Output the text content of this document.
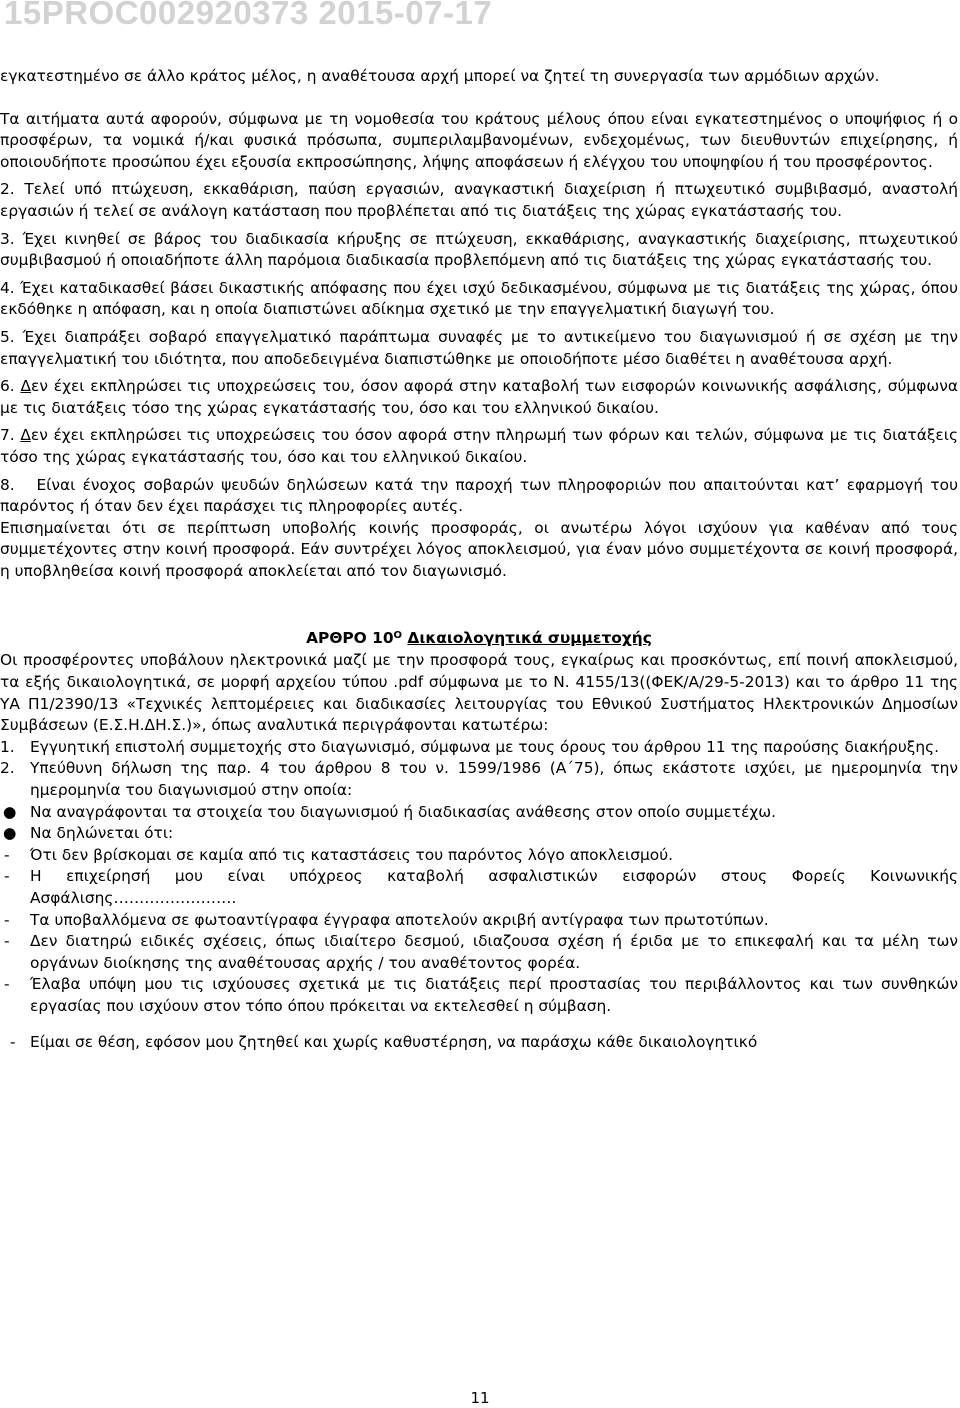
15PROC002920373 2015-07-17

εγκατεστημένο σε άλλο κράτος μέλος, η αναθέτουσα αρχή μπορεί να ζητεί τη συνεργασία των αρμόδιων αρχών.

Τα αιτήματα αυτά αφορούν, σύμφωνα με τη νομοθεσία του κράτους μέλους όπου είναι εγκατεστημένος ο υποψήφιος ή ο προσφέρων, τα νομικά ή/και φυσικά πρόσωπα, συμπεριλαμβανομένων, ενδεχομένως, των διευθυντών επιχείρησης, ή οποιουδήποτε προσώπου έχει εξουσία εκπροσώπησης, λήψης αποφάσεων ή ελέγχου του υποψηφίου ή του προσφέροντος.

2. Τελεί υπό πτώχευση, εκκαθάριση, παύση εργασιών, αναγκαστική διαχείριση ή πτωχευτικό συμβιβασμό, αναστολή εργασιών ή τελεί σε ανάλογη κατάσταση που προβλέπεται από τις διατάξεις της χώρας εγκατάστασής του.

3. Έχει κινηθεί σε βάρος του διαδικασία κήρυξης σε πτώχευση, εκκαθάρισης, αναγκαστικής διαχείρισης, πτωχευτικού συμβιβασμού ή οποιαδήποτε άλλη παρόμοια διαδικασία προβλεπόμενη από τις διατάξεις της χώρας εγκατάστασής του.

4. Έχει καταδικασθεί βάσει δικαστικής απόφασης που έχει ισχύ δεδικασμένου, σύμφωνα με τις διατάξεις της χώρας, όπου εκδόθηκε η απόφαση, και η οποία διαπιστώνει αδίκημα σχετικό με την επαγγελματική διαγωγή του.

5. Έχει διαπράξει σοβαρό επαγγελματικό παράπτωμα συναφές με το αντικείμενο του διαγωνισμού ή σε σχέση με την επαγγελματική του ιδιότητα, που αποδεδειγμένα διαπιστώθηκε με οποιοδήποτε μέσο διαθέτει η αναθέτουσα αρχή.

6. Δεν έχει εκπληρώσει τις υποχρεώσεις του, όσον αφορά στην καταβολή των εισφορών κοινωνικής ασφάλισης, σύμφωνα με τις διατάξεις τόσο της χώρας εγκατάστασής του, όσο και του ελληνικού δικαίου.

7. Δεν έχει εκπληρώσει τις υποχρεώσεις του όσον αφορά στην πληρωμή των φόρων και τελών, σύμφωνα με τις διατάξεις τόσο της χώρας εγκατάστασής του, όσο και του ελληνικού δικαίου.

8. Είναι ένοχος σοβαρών ψευδών δηλώσεων κατά την παροχή των πληροφοριών που απαιτούνται κατ’ εφαρμογή του παρόντος ή όταν δεν έχει παράσχει τις πληροφορίες αυτές.

Επισημαίνεται ότι σε περίπτωση υποβολής κοινής προσφοράς, οι ανωτέρω λόγοι ισχύουν για καθέναν από τους συμμετέχοντες στην κοινή προσφορά. Εάν συντρέχει λόγος αποκλεισμού, για έναν μόνο συμμετέχοντα σε κοινή προσφορά, η υποβληθείσα κοινή προσφορά αποκλείεται από τον διαγωνισμό.

ΑΡΘΡΟ $10^O$ Δικαιολογητικά συμμετοχής

Οι προσφέροντες υποβάλουν ηλεκτρονικά μαζί με την προσφορά τους, εγκαίρως και προσκόντως, επί ποινή αποκλεισμού, τα εξής δικαιολογητικά, σε μορφή αρχείου τύπου .pdf σύμφωνα με το Ν. 4155/13((ΦΕΚ/Α/29-5-2013) και το άρθρο 11 της ΥΑ Π1/2390/13 «Τεχνικές λεπτομέρειες και διαδικασίες λειτουργίας του Εθνικού Συστήματος Ηλεκτρονικών Δημοσίων Συμβάσεων (Ε.Σ.Η.ΔΗ.Σ.)», όπως αναλυτικά περιγράφονται κατωτέρω:

1. Εγγυητική επιστολή συμμετοχής στο διαγωνισμό, σύμφωνα με τους όρους του άρθρου 11 της παρούσης διακήρυξης.

2. Υπεύθυνη δήλωση της παρ. 4 του άρθρου 8 του ν. 1599/1986 (Α΄75), όπως εκάστοτε ισχύει, με ημερομηνία την ημερομηνία του διαγωνισμού στην οποία:

● Να αναγράφονται τα στοιχεία του διαγωνισμού ή διαδικασίας ανάθεσης στον οποίο συμμετέχω.

● Να δηλώνεται ότι:

- Ότι δεν βρίσκομαι σε καμία από τις καταστάσεις του παρόντος λόγο αποκλεισμού.

- Η επιχείρησή μου είναι υπόχρεος καταβολή ασφαλιστικών εισφορών στους Φορείς Κοινωνικής Ασφάλισης……………………

- Τα υποβαλλόμενα σε φωτοαντίγραφα έγγραφα αποτελούν ακριβή αντίγραφα των πρωτοτύπων.

- Δεν διατηρώ ειδικές σχέσεις, όπως ιδιαίτερο δεσμού, ιδιαζουσα σχέση ή έριδα με το επικεφαλή και τα μέλη των οργάνων διοίκησης της αναθέτουσας αρχής / του αναθέτοντος φορέα.

- Έλαβα υπόψη μου τις ισχύουσες σχετικά με τις διατάξεις περί προστασίας του περιβάλλοντος και των συνθηκών εργασίας που ισχύουν στον τόπο όπου πρόκειται να εκτελεσθεί η σύμβαση.

- Είμαι σε θέση, εφόσον μου ζητηθεί και χωρίς καθυστέρηση, να παράσχω κάθε δικαιολογητικό

11
